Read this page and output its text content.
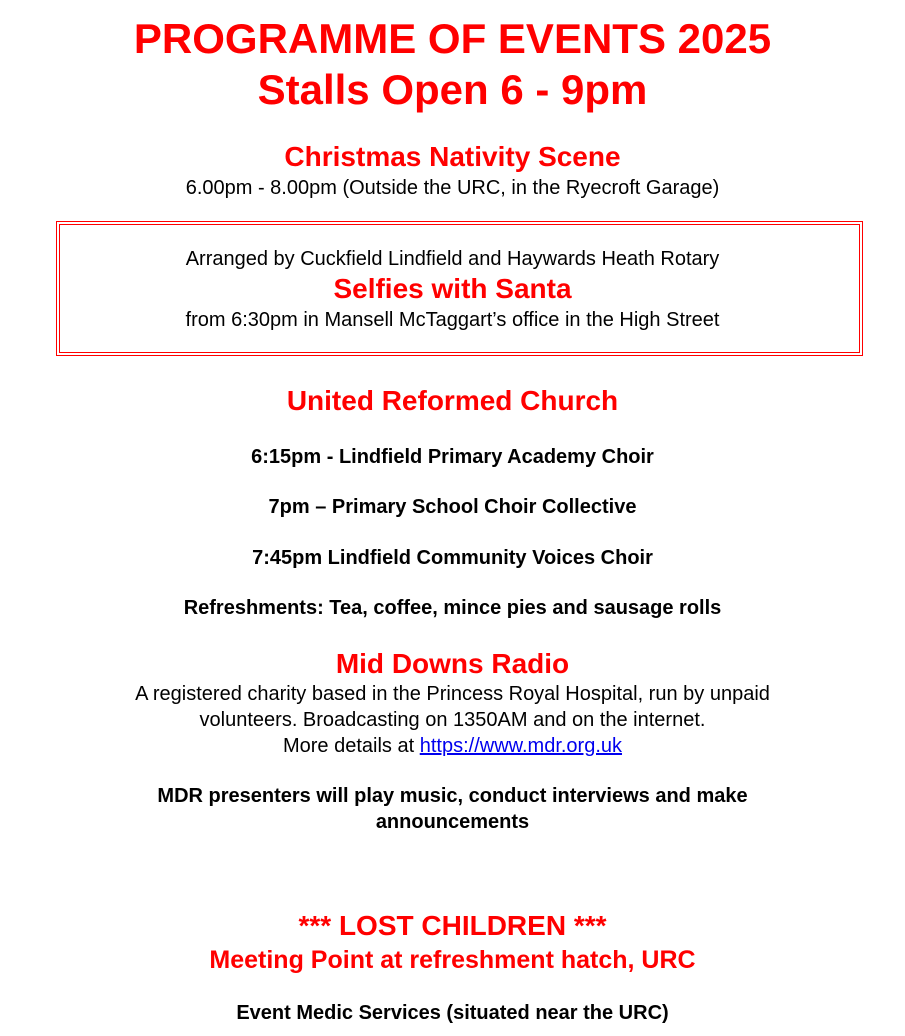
PROGRAMME OF EVENTS 2025
Stalls Open 6 - 9pm
Christmas Nativity Scene
6.00pm - 8.00pm (Outside the URC, in the Ryecroft Garage)
Arranged by Cuckfield Lindfield and Haywards Heath Rotary
Selfies with Santa
from 6:30pm in Mansell McTaggart’s office in the High Street
United Reformed Church
6:15pm - Lindfield Primary Academy Choir
7pm – Primary School Choir Collective
7:45pm Lindfield Community Voices Choir
Refreshments: Tea, coffee, mince pies and sausage rolls
Mid Downs Radio
A registered charity based in the Princess Royal Hospital, run by unpaid
volunteers. Broadcasting on 1350AM and on the internet.
More details at https://www.mdr.org.uk
MDR presenters will play music, conduct interviews and make
announcements
*** LOST CHILDREN ***
Meeting Point at refreshment hatch, URC
Event Medic Services (situated near the URC)
